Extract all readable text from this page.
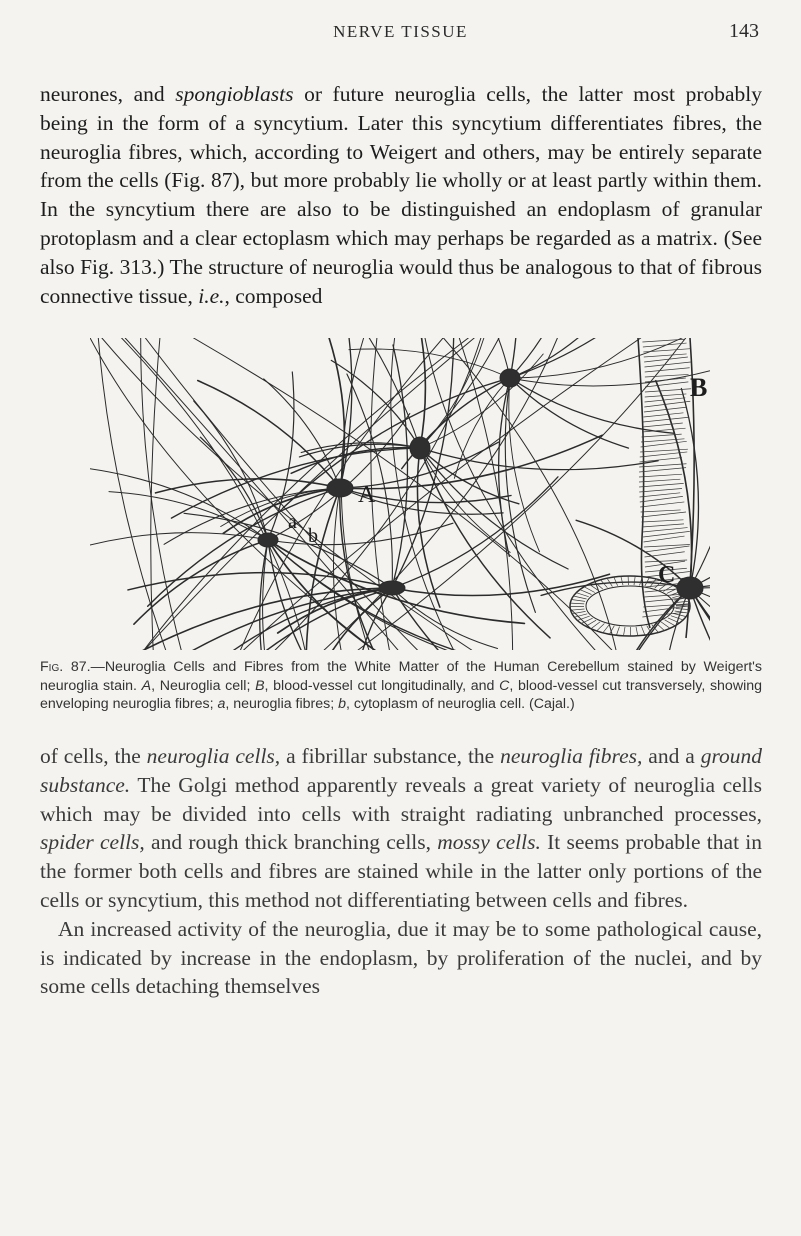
NERVE TISSUE	143

neurones, and spongioblasts or future neuroglia cells, the latter most probably being in the form of a syncytium. Later this syncytium differentiates fibres, the neuroglia fibres, which, according to Weigert and others, may be entirely separate from the cells (Fig. 87), but more probably lie wholly or at least partly within them. In the syncytium there are also to be distinguished an endoplasm of granular protoplasm and a clear ectoplasm which may perhaps be regarded as a matrix. (See also Fig. 313.) The structure of neuroglia would thus be analogous to that of fibrous connective tissue, i.e., composed

A
B
C
a
b
Fig. 87.—Neuroglia Cells and Fibres from the White Matter of the Human Cerebellum stained by Weigert's neuroglia stain. A, Neuroglia cell; B, blood-vessel cut longitudinally, and C, blood-vessel cut transversely, showing enveloping neuroglia fibres; a, neuroglia fibres; b, cytoplasm of neuroglia cell. (Cajal.)

of cells, the neuroglia cells, a fibrillar substance, the neuroglia fibres, and a ground substance. The Golgi method apparently reveals a great variety of neuroglia cells which may be divided into cells with straight radiating unbranched processes, spider cells, and rough thick branching cells, mossy cells. It seems probable that in the former both cells and fibres are stained while in the latter only portions of the cells or syncytium, this method not differentiating between cells and fibres.

An increased activity of the neuroglia, due it may be to some pathological cause, is indicated by increase in the endoplasm, by proliferation of the nuclei, and by some cells detaching themselves
